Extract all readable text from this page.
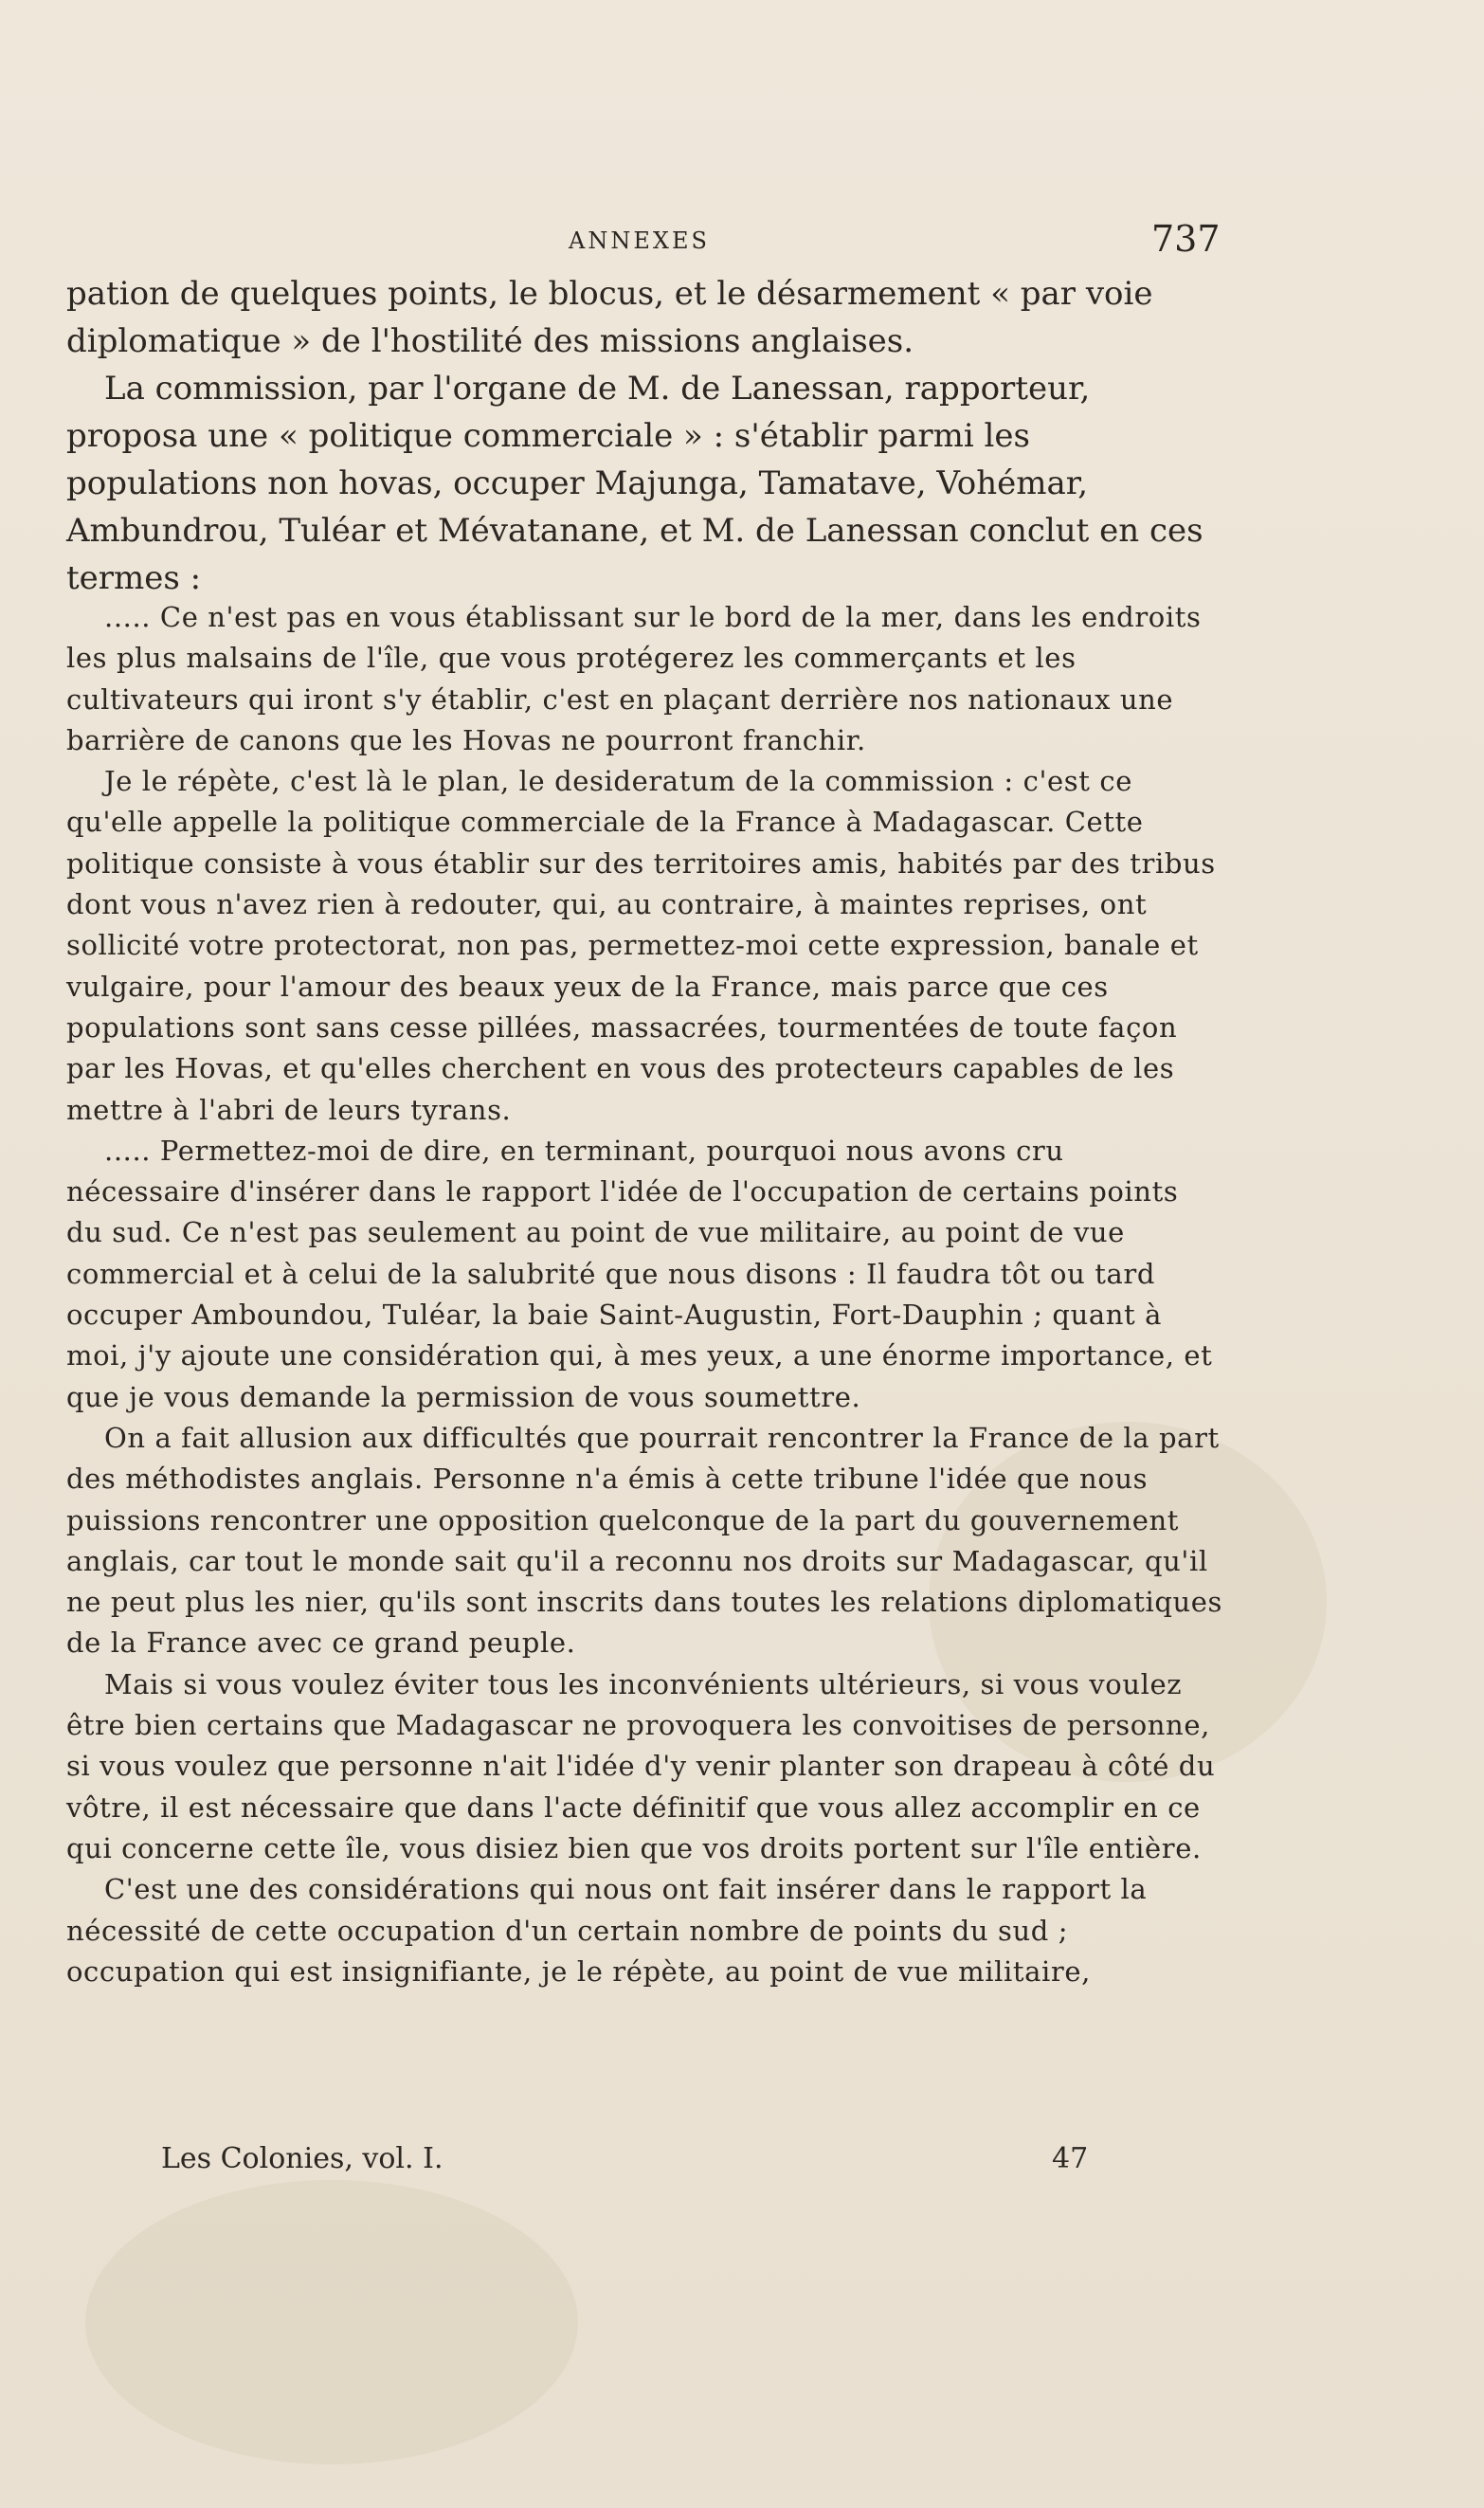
ANNEXES	737

pation de quelques points, le blocus, et le désarmement « par voie diplomatique » de l'hostilité des missions anglaises.

La commission, par l'organe de M. de Lanessan, rapporteur, proposa une « politique commerciale » : s'établir parmi les populations non hovas, occuper Majunga, Tamatave, Vohémar, Ambundrou, Tuléar et Mévatanane, et M. de Lanessan conclut en ces termes :

..... Ce n'est pas en vous établissant sur le bord de la mer, dans les endroits les plus malsains de l'île, que vous protégerez les commerçants et les cultivateurs qui iront s'y établir, c'est en plaçant derrière nos nationaux une barrière de canons que les Hovas ne pourront franchir.

Je le répète, c'est là le plan, le desideratum de la commission : c'est ce qu'elle appelle la politique commerciale de la France à Madagascar. Cette politique consiste à vous établir sur des territoires amis, habités par des tribus dont vous n'avez rien à redouter, qui, au contraire, à maintes reprises, ont sollicité votre protectorat, non pas, permettez-moi cette expression, banale et vulgaire, pour l'amour des beaux yeux de la France, mais parce que ces populations sont sans cesse pillées, massacrées, tourmentées de toute façon par les Hovas, et qu'elles cherchent en vous des protecteurs capables de les mettre à l'abri de leurs tyrans.

..... Permettez-moi de dire, en terminant, pourquoi nous avons cru nécessaire d'insérer dans le rapport l'idée de l'occupation de certains points du sud. Ce n'est pas seulement au point de vue militaire, au point de vue commercial et à celui de la salubrité que nous disons : Il faudra tôt ou tard occuper Amboundou, Tuléar, la baie Saint-Augustin, Fort-Dauphin ; quant à moi, j'y ajoute une considération qui, à mes yeux, a une énorme importance, et que je vous demande la permission de vous soumettre.

On a fait allusion aux difficultés que pourrait rencontrer la France de la part des méthodistes anglais. Personne n'a émis à cette tribune l'idée que nous puissions rencontrer une opposition quelconque de la part du gouvernement anglais, car tout le monde sait qu'il a reconnu nos droits sur Madagascar, qu'il ne peut plus les nier, qu'ils sont inscrits dans toutes les relations diplomatiques de la France avec ce grand peuple.

Mais si vous voulez éviter tous les inconvénients ultérieurs, si vous voulez être bien certains que Madagascar ne provoquera les convoitises de personne, si vous voulez que personne n'ait l'idée d'y venir planter son drapeau à côté du vôtre, il est nécessaire que dans l'acte définitif que vous allez accomplir en ce qui concerne cette île, vous disiez bien que vos droits portent sur l'île entière.

C'est une des considérations qui nous ont fait insérer dans le rapport la nécessité de cette occupation d'un certain nombre de points du sud ; occupation qui est insignifiante, je le répète, au point de vue militaire,

Les Colonies, vol. I.	47
